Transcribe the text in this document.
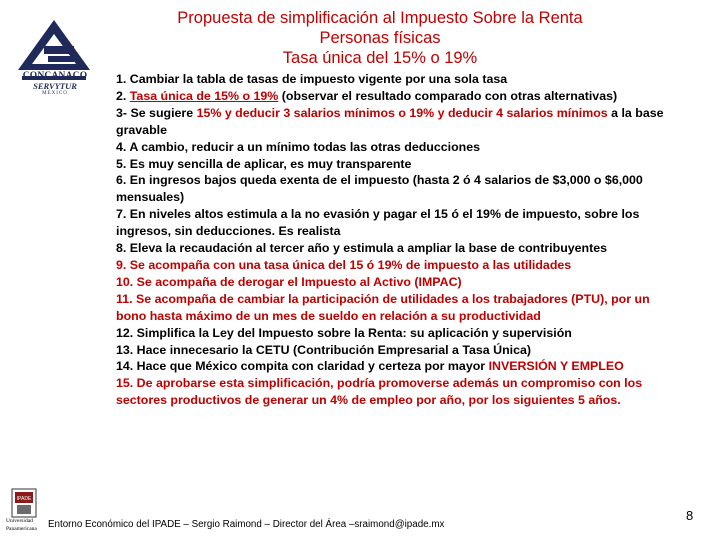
Propuesta de simplificación al Impuesto Sobre la Renta
Personas físicas
Tasa única del 15% o 19%
CONCANACO
SERVYTUR
MÉXICO

1. Cambiar la tabla de tasas de impuesto vigente por una sola tasa

2. Tasa única de 15% o 19% (observar el resultado comparado con otras alternativas)

3- Se sugiere 15% y deducir 3 salarios mínimos o 19% y deducir 4 salarios mínimos a la base gravable

4. A cambio, reducir a un mínimo todas las otras deducciones

5. Es muy sencilla de aplicar, es muy transparente

6. En ingresos bajos queda exenta de el impuesto (hasta 2 ó 4 salarios de $3,000 o $6,000 mensuales)

7. En niveles altos estimula a la no evasión y pagar el 15 ó el 19% de impuesto, sobre los ingresos, sin deducciones. Es realista

8. Eleva la recaudación al tercer año y estimula a ampliar la base de contribuyentes

9. Se acompaña con una tasa única del 15 ó 19% de impuesto a las utilidades

10. Se acompaña de derogar el Impuesto al Activo (IMPAC)

11. Se acompaña de cambiar la participación de utilidades a los trabajadores (PTU), por un bono hasta máximo de un mes de sueldo en relación a su productividad

12. Simplifica la Ley del Impuesto sobre la Renta: su aplicación y supervisión

13. Hace innecesario la CETU (Contribución Empresarial a Tasa Única)

14. Hace que México compita con claridad y certeza por mayor INVERSIÓN Y EMPLEO

15. De aprobarse esta simplificación, podría promoverse además un compromiso con los sectores productivos de generar un 4% de empleo por año, por los siguientes 5 años.

IPADE
Universidad
Panamericana	Entorno Económico del IPADE – Sergio Raimond – Director del Área –sraimond@ipade.mx
8
